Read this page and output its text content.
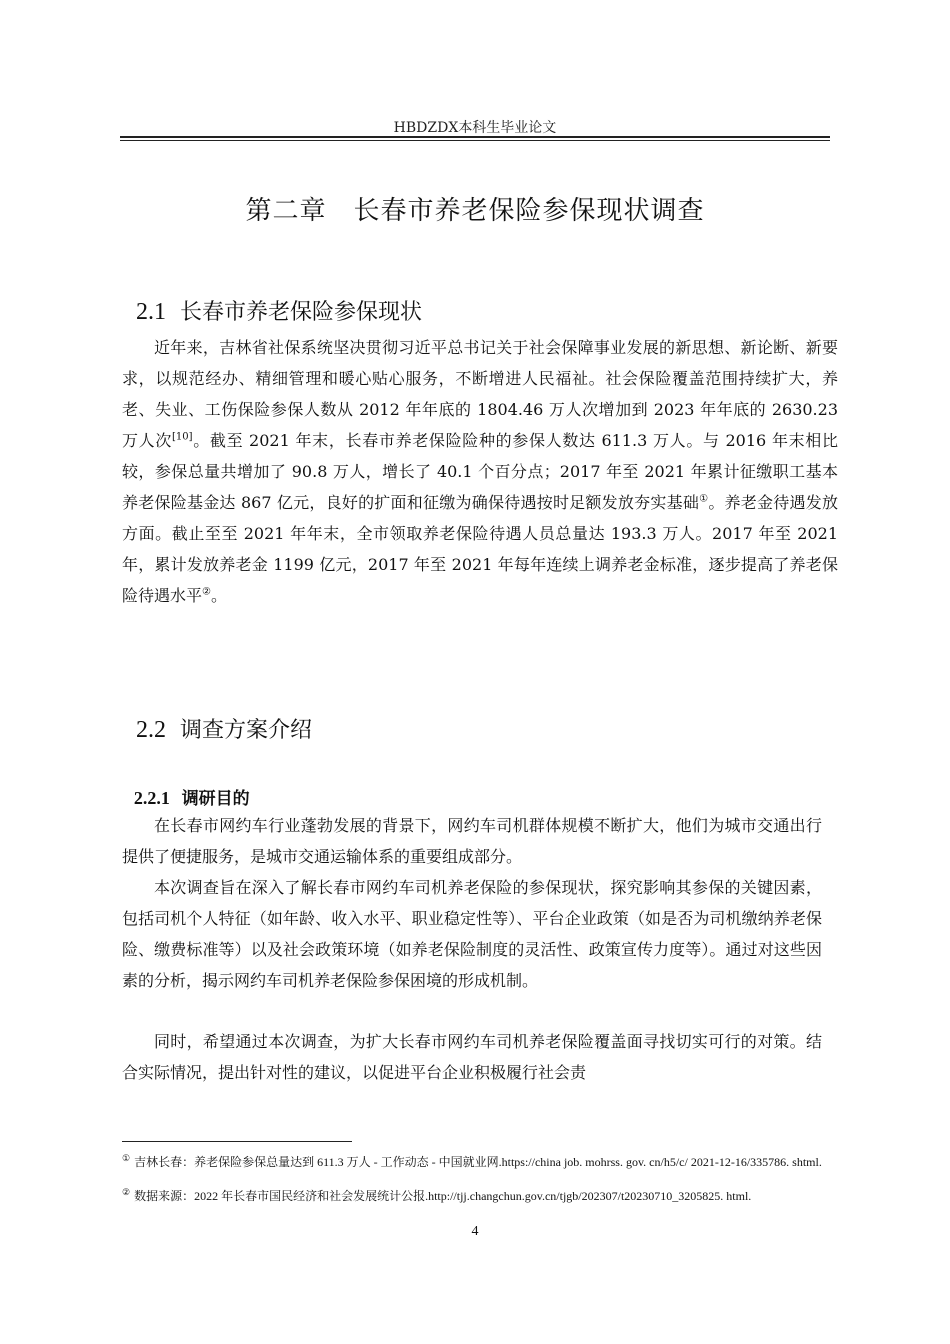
HBDZDX本科生毕业论文
第二章　长春市养老保险参保现状调查

2.1 长春市养老保险参保现状

近年来，吉林省社保系统坚决贯彻习近平总书记关于社会保障事业发展的新思想、新论断、新要求，以规范经办、精细管理和暖心贴心服务，不断增进人民福祉。社会保险覆盖范围持续扩大，养老、失业、工伤保险参保人数从 2012 年年底的 1804.46 万人次增加到 2023 年年底的 2630.23 万人次[10]。截至 2021 年末，长春市养老保险险种的参保人数达 611.3 万人。与 2016 年末相比较，参保总量共增加了 90.8 万人，增长了 40.1 个百分点；2017 年至 2021 年累计征缴职工基本养老保险基金达 867 亿元，良好的扩面和征缴为确保待遇按时足额发放夯实基础①。养老金待遇发放方面。截止至至 2021 年年末，全市领取养老保险待遇人员总量达 193.3 万人。2017 年至 2021 年，累计发放养老金 1199 亿元，2017 年至 2021 年每年连续上调养老金标准，逐步提高了养老保险待遇水平②。

2.2 调查方案介绍

2.2.1 调研目的

在长春市网约车行业蓬勃发展的背景下，网约车司机群体规模不断扩大，他们为城市交通出行提供了便捷服务，是城市交通运输体系的重要组成部分。

本次调查旨在深入了解长春市网约车司机养老保险的参保现状，探究影响其参保的关键因素，包括司机个人特征（如年龄、收入水平、职业稳定性等）、平台企业政策（如是否为司机缴纳养老保险、缴费标准等）以及社会政策环境（如养老保险制度的灵活性、政策宣传力度等）。通过对这些因素的分析，揭示网约车司机养老保险参保困境的形成机制。

同时，希望通过本次调查，为扩大长春市网约车司机养老保险覆盖面寻找切实可行的对策。结合实际情况，提出针对性的建议，以促进平台企业积极履行社会责

① 吉林长春：养老保险参保总量达到 611.3 万人 - 工作动态 - 中国就业网.https://china job. mohrss. gov. cn/h5/c/ 2021-12-16/335786. shtml.

② 数据来源：2022 年长春市国民经济和社会发展统计公报.http://tjj.changchun.gov.cn/tjgb/202307/t20230710_3205825. html.

4
